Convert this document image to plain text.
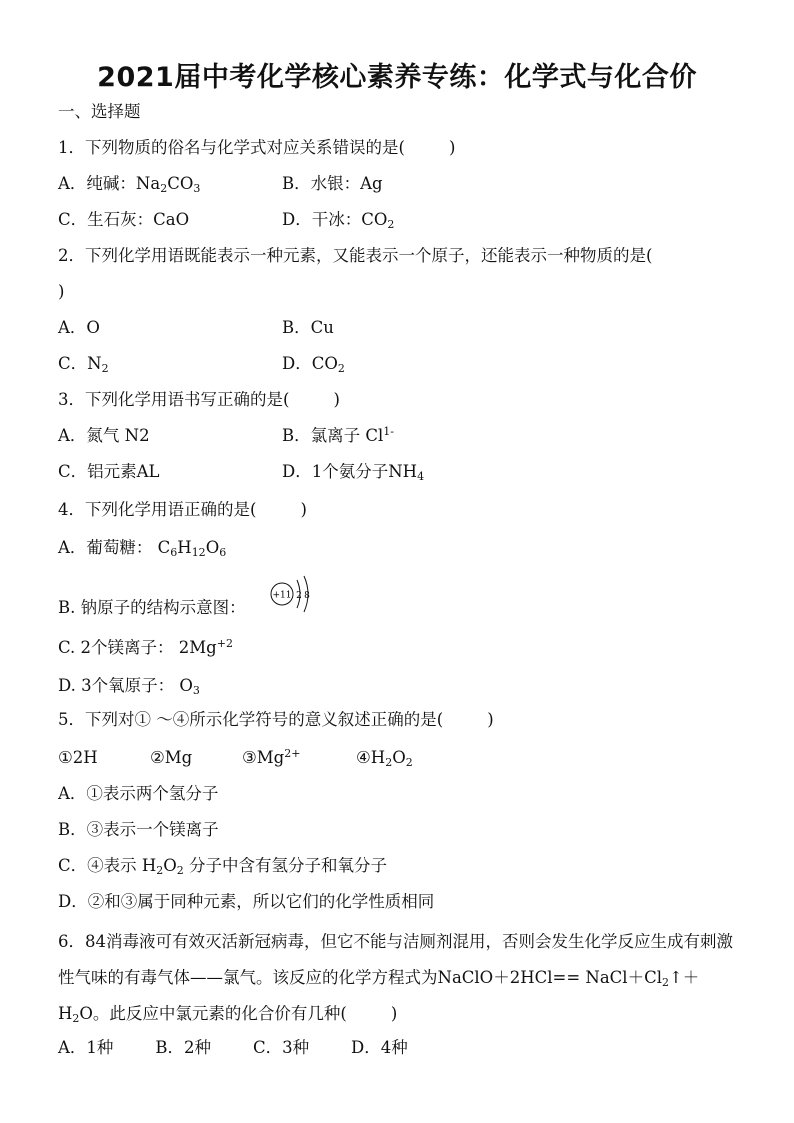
2021届中考化学核心素养专练：化学式与化合价
一、选择题
1．下列物质的俗名与化学式对应关系错误的是(	)
A．纯碱：$Na_2CO_3$	B．水银：Ag
C．生石灰：CaO	D．干冰：$CO_2$
2．下列化学用语既能表示一种元素，又能表示一个原子，还能表示一种物质的是(
)
A．O	B．Cu
C．$N_2$	D．$CO_2$
3．下列化学用语书写正确的是(	)
A．氮气 N2	B．氯离子 $Cl^{1-}$
C．铝元素AL	D．1个氨分子$NH_4$
4．下列化学用语正确的是(	)
A．葡萄糖： $C_6H_{12}O_6$
B. 钠原子的结构示意图：
+11 2 8
C. 2个镁离子： $2Mg^{+2}$
D. 3个氧原子： $O_3$
5．下列对① ～④所示化学符号的意义叙述正确的是(	)
①2H	②Mg	$③Mg^{2+}$	$④H_2O_2$
A．①表示两个氢分子
B．③表示一个镁离子
C．④表示 $H_2O_2$ 分子中含有氢分子和氧分子
D．②和③属于同种元素，所以它们的化学性质相同
6．84消毒液可有效灭活新冠病毒，但它不能与洁厕剂混用，否则会发生化学反应生成有刺激性气味的有毒气体——氯气。该反应的化学方程式为NaClO＋2HCl== $NaCl+Cl_2↑+H_2O$。此反应中氯元素的化合价有几种(	)
A．1种        B．2种        C．3种        D．4种
